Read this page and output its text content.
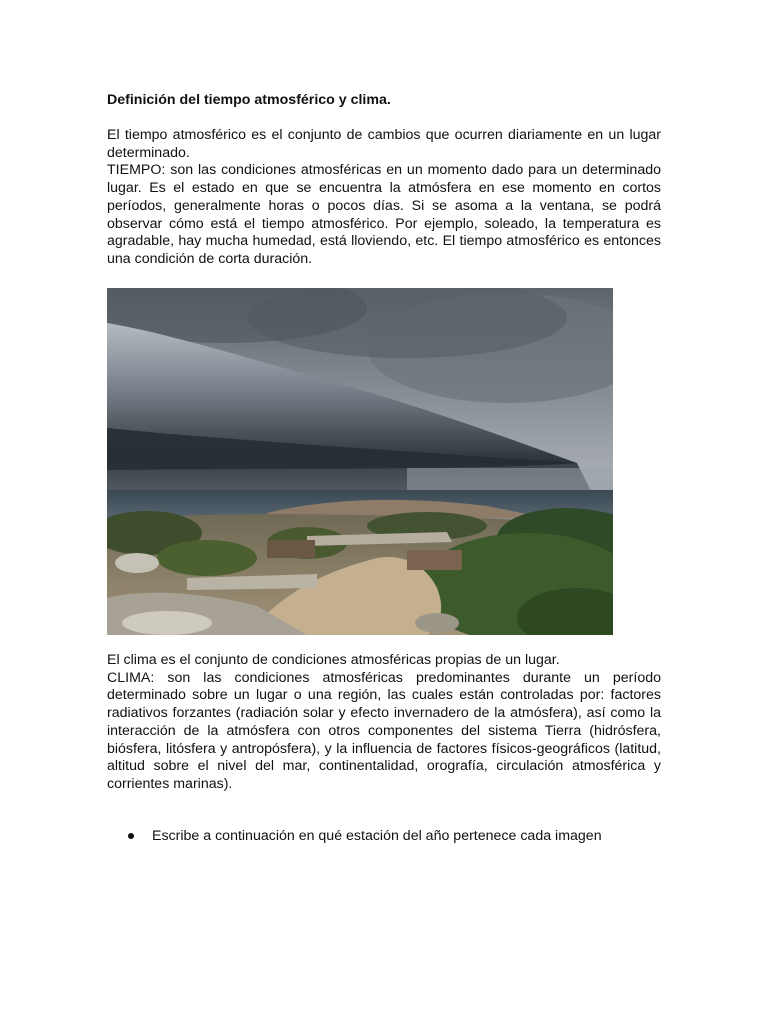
Definición del tiempo atmosférico y clima.

El tiempo atmosférico es el conjunto de cambios que ocurren diariamente en un lugar determinado.

TIEMPO: son las condiciones atmosféricas en un momento dado para un determinado lugar. Es el estado en que se encuentra la atmósfera en ese momento en cortos períodos, generalmente horas o pocos días. Si se asoma a la ventana, se podrá observar cómo está el tiempo atmosférico. Por ejemplo, soleado, la temperatura es agradable, hay mucha humedad, está lloviendo, etc. El tiempo atmosférico es entonces una condición de corta duración.

El clima es el conjunto de condiciones atmosféricas propias de un lugar.

CLIMA: son las condiciones atmosféricas predominantes durante un período determinado sobre un lugar o una región, las cuales están controladas por: factores radiativos forzantes (radiación solar y efecto invernadero de la atmósfera), así como la interacción de la atmósfera con otros componentes del sistema Tierra (hidrósfera, biósfera, litósfera y antropósfera), y la influencia de factores físicos-geográficos (latitud, altitud sobre el nivel del mar, continentalidad, orografía, circulación atmosférica y corrientes marinas).

Escribe a continuación en qué estación del año pertenece cada imagen
